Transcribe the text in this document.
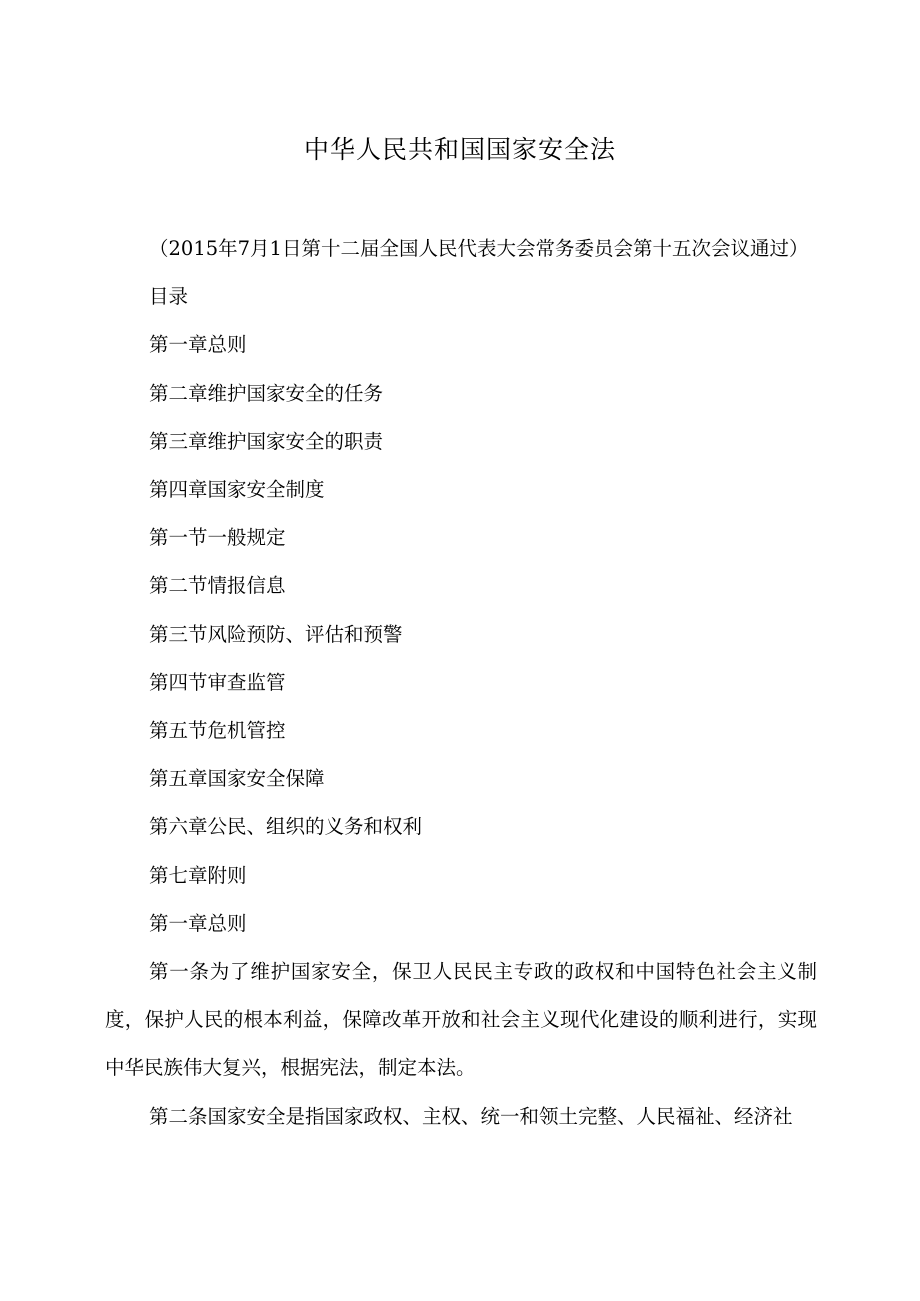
中华人民共和国国家安全法

（2015年7月1日第十二届全国人民代表大会常务委员会第十五次会议通过）

目录

第一章总则

第二章维护国家安全的任务

第三章维护国家安全的职责

第四章国家安全制度

第一节一般规定

第二节情报信息

第三节风险预防、评估和预警

第四节审查监管

第五节危机管控

第五章国家安全保障

第六章公民、组织的义务和权利

第七章附则

第一章总则

第一条为了维护国家安全，保卫人民民主专政的政权和中国特色社会主义制度，保护人民的根本利益，保障改革开放和社会主义现代化建设的顺利进行，实现中华民族伟大复兴，根据宪法，制定本法。

第二条国家安全是指国家政权、主权、统一和领土完整、人民福祉、经济社
